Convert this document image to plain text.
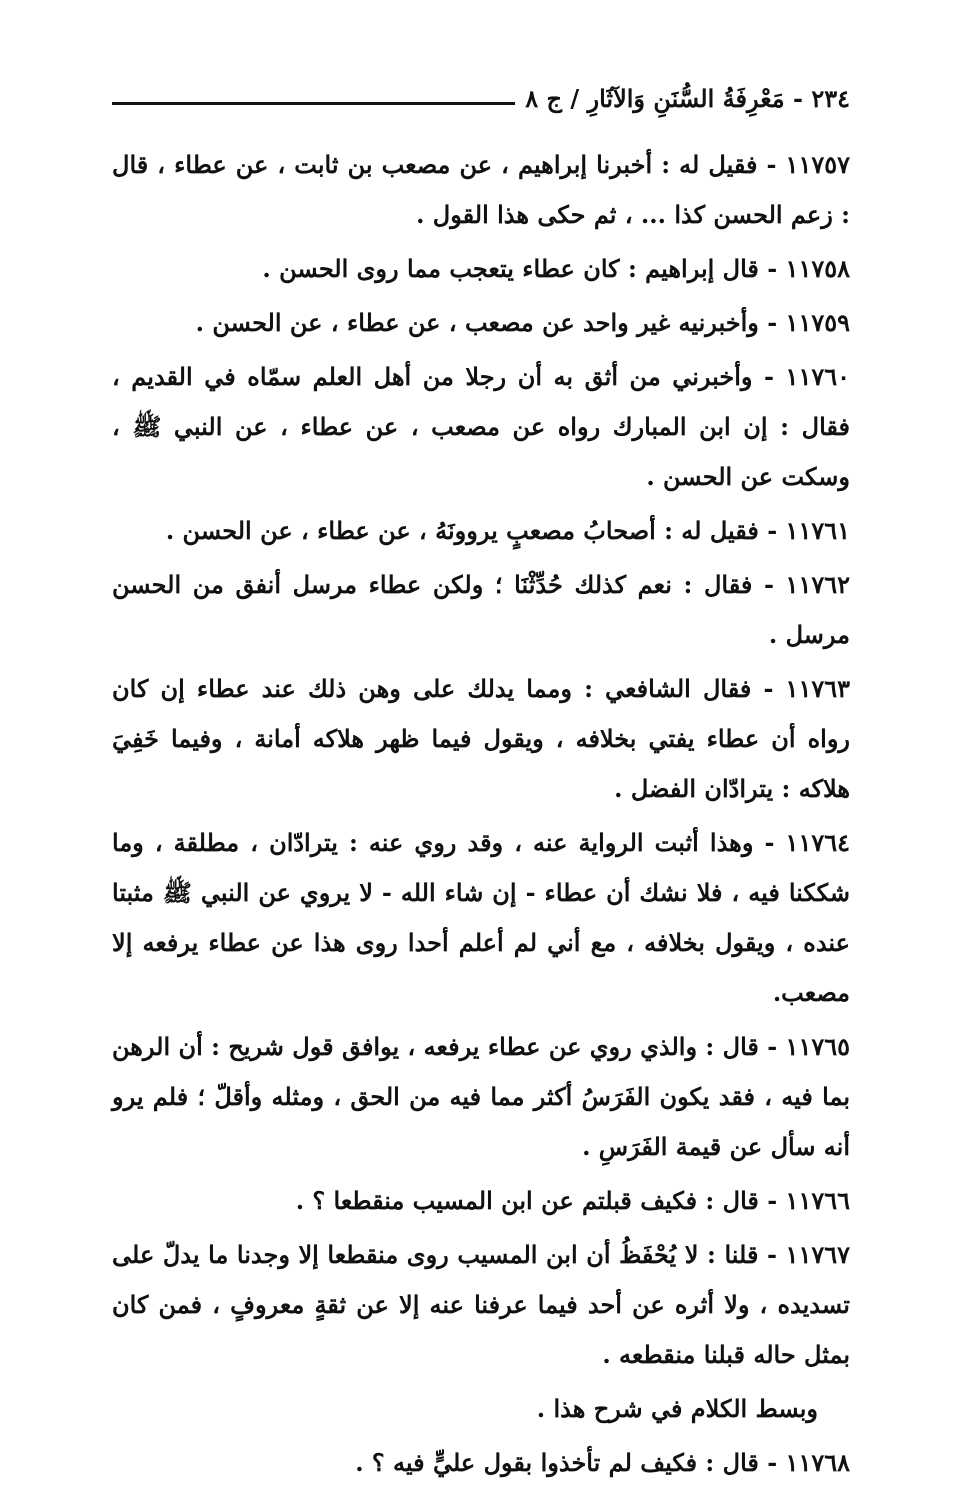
٢٣٤ - مَعْرِفَةُ السُّنَنِ وَالآثَارِ / ج ٨

١١٧٥٧ - فقيل له : أخبرنا إبراهيم ، عن مصعب بن ثابت ، عن عطاء ، قال : زعم الحسن كذا ... ، ثم حكى هذا القول .

١١٧٥٨ - قال إبراهيم : كان عطاء يتعجب مما روى الحسن .

١١٧٥٩ - وأخبرنيه غير واحد عن مصعب ، عن عطاء ، عن الحسن .

١١٧٦٠ - وأخبرني من أثق به أن رجلا من أهل العلم سمّاه في القديم ، فقال : إن ابن المبارك رواه عن مصعب ، عن عطاء ، عن النبي ﷺ ، وسكت عن الحسن .

١١٧٦١ - فقيل له : أصحابُ مصعبٍ يروونَهُ ، عن عطاء ، عن الحسن .

١١٧٦٢ - فقال : نعم كذلك حُدِّثْنَا ؛ ولكن عطاء مرسل أنفق من الحسن مرسل .

١١٧٦٣ - فقال الشافعي : ومما يدلك على وهن ذلك عند عطاء إن كان رواه أن عطاء يفتي بخلافه ، ويقول فيما ظهر هلاكه أمانة ، وفيما خَفِيَ هلاكه : يترادّان الفضل .

١١٧٦٤ - وهذا أثبت الرواية عنه ، وقد روي عنه : يترادّان ، مطلقة ، وما شككنا فيه ، فلا نشك أن عطاء - إن شاء الله - لا يروي عن النبي ﷺ مثبتا عنده ، ويقول بخلافه ، مع أني لم أعلم أحدا روى هذا عن عطاء يرفعه إلا مصعب.

١١٧٦٥ - قال : والذي روي عن عطاء يرفعه ، يوافق قول شريح : أن الرهن بما فيه ، فقد يكون الفَرَسُ أكثر مما فيه من الحق ، ومثله وأقلّ ؛ فلم يرو أنه سأل عن قيمة الفَرَسِ .

١١٧٦٦ - قال : فكيف قبلتم عن ابن المسيب منقطعا ؟ .

١١٧٦٧ - قلنا : لا يُحْفَظُ أن ابن المسيب روى منقطعا إلا وجدنا ما يدلّ على تسديده ، ولا أثره عن أحد فيما عرفنا عنه إلا عن ثقةٍ معروفٍ ، فمن كان بمثل حاله قبلنا منقطعه .

وبسط الكلام في شرح هذا .

١١٧٦٨ - قال : فكيف لم تأخذوا بقول عليٍّ فيه ؟ .
